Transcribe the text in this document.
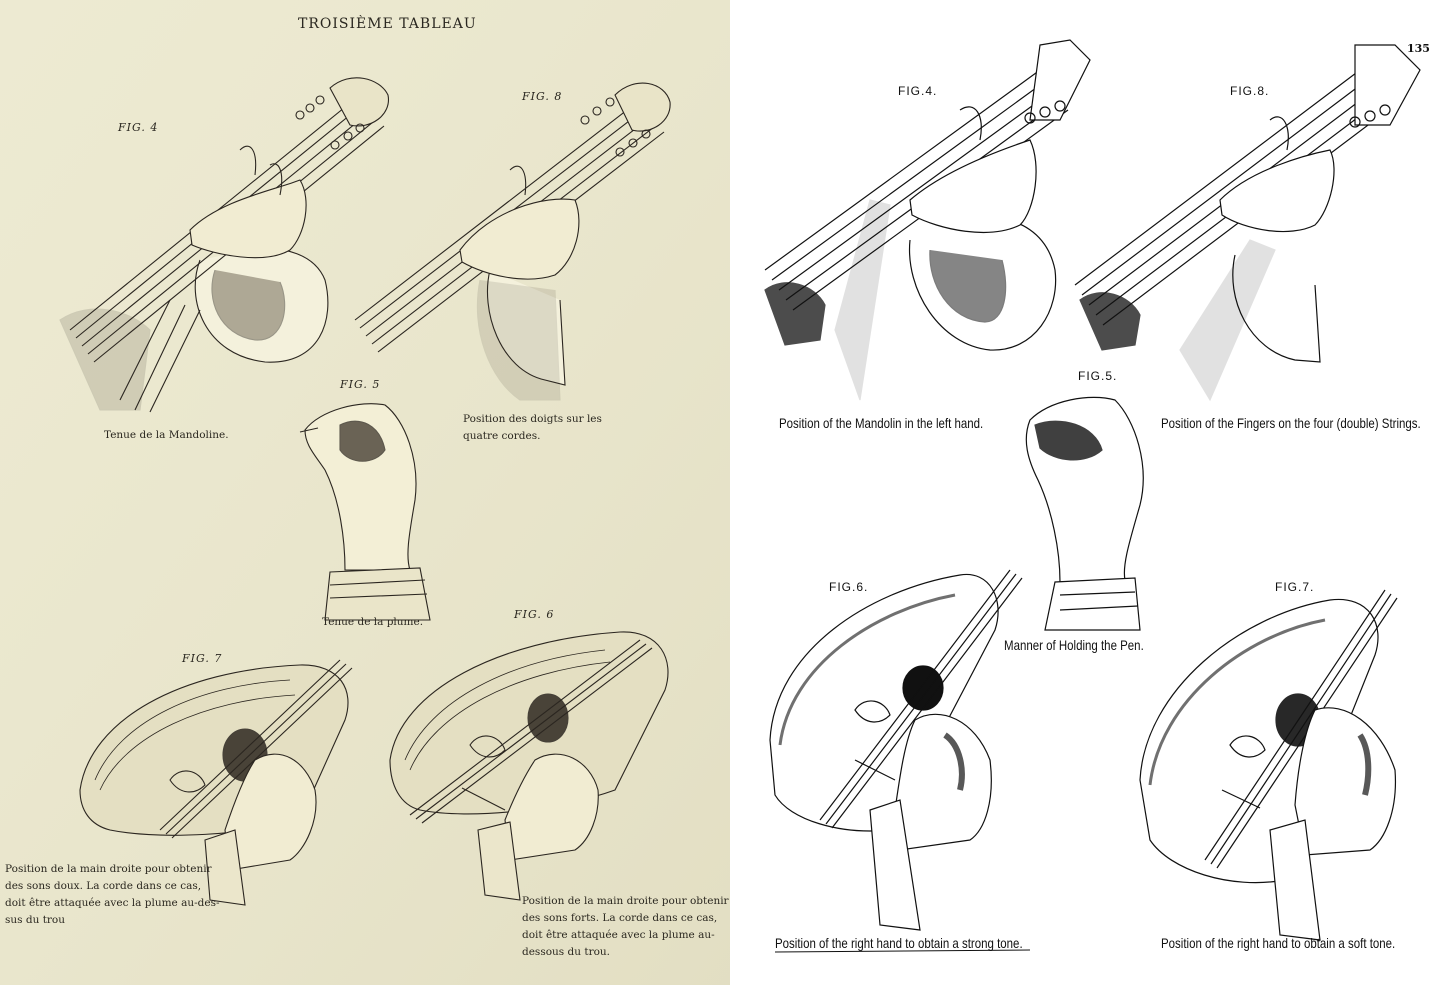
TROISIÈME TABLEAU
FIG. 4
FIG. 8
FIG. 5
FIG. 7
FIG. 6
Tenue de la Mandoline.
Position des doigts sur les
quatre cordes.
Tenue de la plume.
Position de la main droite pour obtenir
des sons doux. La corde dans ce cas,
doit être attaquée avec la plume au-des-
sus du trou
Position de la main droite pour obtenir
des sons forts. La corde dans ce cas,
doit être attaquée avec la plume au-
dessous du trou.
135
FIG.4.	FIG.8.
FIG.5.
FIG.6.	FIG.7.
Position of the Mandolin in the left hand.	Position of the Fingers on the four (double) Strings.
Manner of Holding the Pen.
Position of the right hand to obtain a strong tone.	Position of the right hand to obtain a soft tone.
